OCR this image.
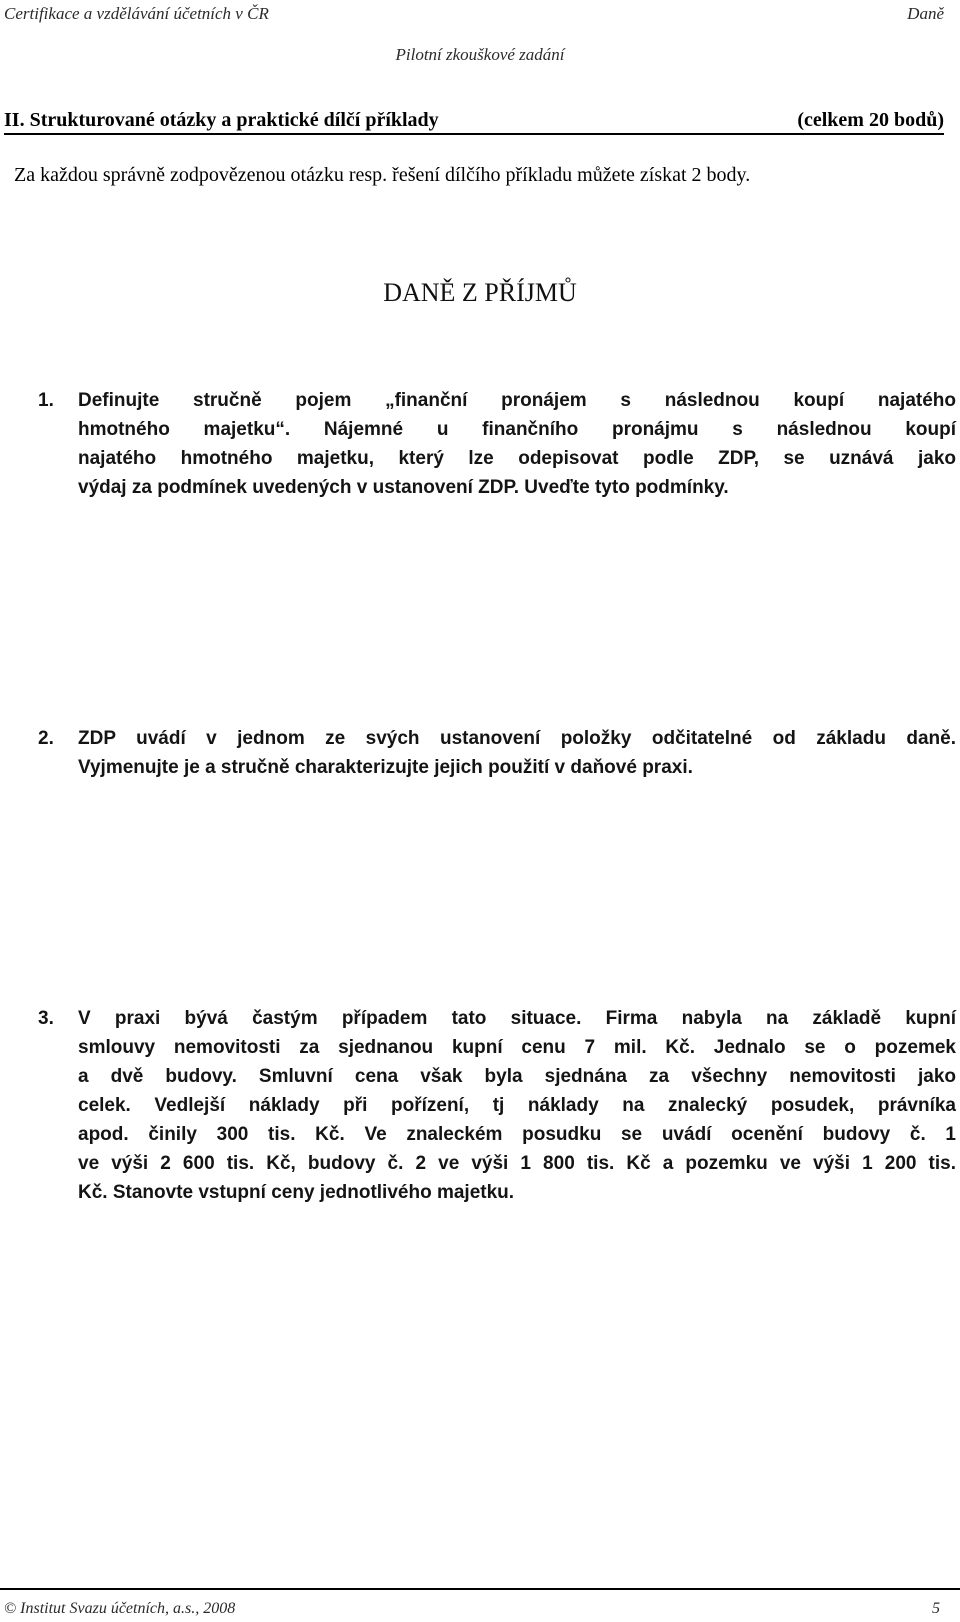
Certifikace a vzdělávání účetních v ČR	Daně
Pilotní zkouškové zadání
II. Strukturované otázky a praktické dílčí příklady	(celkem 20 bodů)
Za každou správně zodpovězenou otázku resp. řešení dílčího příkladu můžete získat 2 body.
DANĚ Z PŘÍJMŮ
1.	Definujte stručně pojem „finanční pronájem s následnou koupí najatého
hmotného majetku“. Nájemné u finančního pronájmu s následnou koupí
najatého hmotného majetku, který lze odepisovat podle ZDP, se uznává jako
výdaj za podmínek uvedených v ustanovení ZDP. Uveďte tyto podmínky.
2.	ZDP uvádí v jednom ze svých ustanovení položky odčitatelné od základu daně.
Vyjmenujte je a stručně charakterizujte jejich použití v daňové praxi.
3.	V praxi bývá častým případem tato situace. Firma nabyla na základě kupní
smlouvy nemovitosti za sjednanou kupní cenu 7 mil. Kč. Jednalo se o pozemek
a dvě budovy. Smluvní cena však byla sjednána za všechny nemovitosti jako
celek. Vedlejší náklady při pořízení, tj náklady na znalecký posudek, právníka
apod. činily 300 tis. Kč. Ve znaleckém posudku se uvádí ocenění budovy č. 1
ve výši 2 600 tis. Kč, budovy č. 2 ve výši 1 800 tis. Kč a pozemku ve výši 1 200 tis.
Kč. Stanovte vstupní ceny jednotlivého majetku.
© Institut Svazu účetních, a.s., 2008	5
